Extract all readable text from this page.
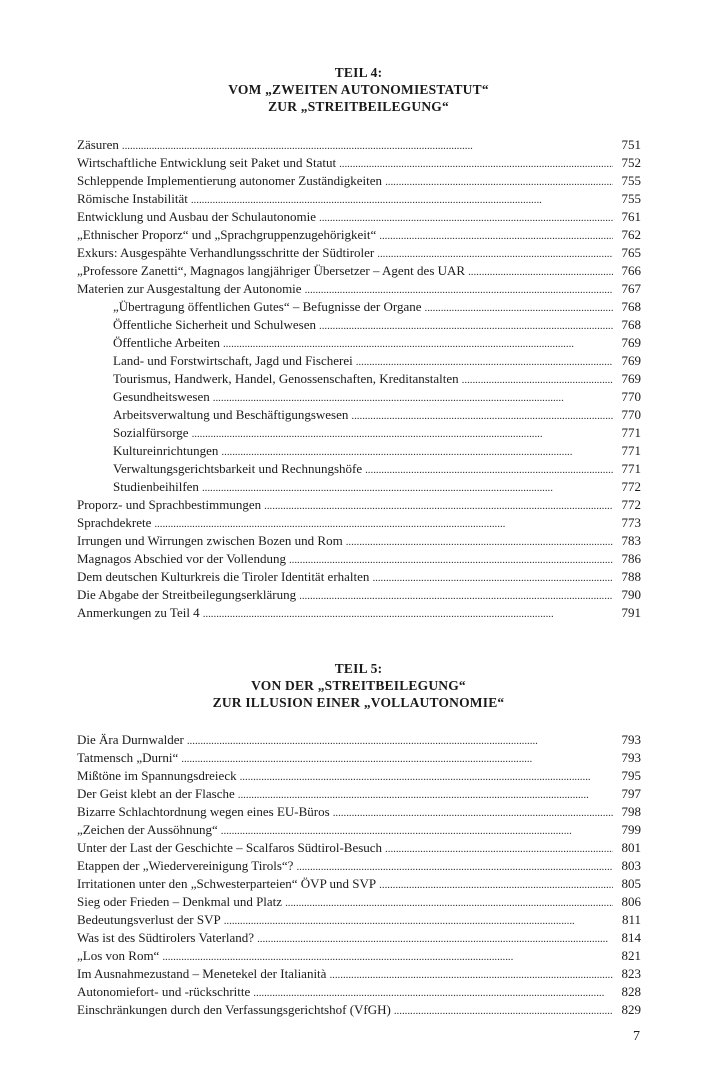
TEIL 4:
VOM „ZWEITEN AUTONOMIESTATUT“
ZUR „STREITBEILEGUNG“
Zäsuren . . .	751
Wirtschaftliche Entwicklung seit Paket und Statut . . .	752
Schleppende Implementierung autonomer Zuständigkeiten . . .	755
Römische Instabilität . . .	755
Entwicklung und Ausbau der Schulautonomie . . .	761
„Ethnischer Proporz“ und „Sprachgruppenzugehörigkeit“ . . .	762
Exkurs: Ausgespähte Verhandlungsschritte der Südtiroler . . .	765
„Professore Zanetti“, Magnagos langjähriger Übersetzer – Agent des UAR . . .	766
Materien zur Ausgestaltung der Autonomie . . .	767
„Übertragung öffentlichen Gutes“ – Befugnisse der Organe . . .	768
Öffentliche Sicherheit und Schulwesen . . .	768
Öffentliche Arbeiten . . .	769
Land- und Forstwirtschaft, Jagd und Fischerei . . .	769
Tourismus, Handwerk, Handel, Genossenschaften, Kreditanstalten . . .	769
Gesundheitswesen . . .	770
Arbeitsverwaltung und Beschäftigungswesen . . .	770
Sozialfürsorge . . .	771
Kultureinrichtungen . . .	771
Verwaltungsgerichtsbarkeit und Rechnungshöfe . . .	771
Studienbeihilfen . . .	772
Proporz- und Sprachbestimmungen . . .	772
Sprachdekrete . . .	773
Irrungen und Wirrungen zwischen Bozen und Rom . . .	783
Magnagos Abschied vor der Vollendung . . .	786
Dem deutschen Kulturkreis die Tiroler Identität erhalten . . .	788
Die Abgabe der Streitbeilegungserklärung . . .	790
Anmerkungen zu Teil 4 . . .	791
TEIL 5:
VON DER „STREITBEILEGUNG“
ZUR ILLUSION EINER „VOLLAUTONOMIE“
Die Ära Durnwalder . . .	793
Tatmensch „Durni“ . . .	793
Mißtöne im Spannungsdreieck . . .	795
Der Geist klebt an der Flasche . . .	797
Bizarre Schlachtordnung wegen eines EU-Büros . . .	798
„Zeichen der Aussöhnung“ . . .	799
Unter der Last der Geschichte – Scalfaros Südtirol-Besuch . . .	801
Etappen der „Wiedervereinigung Tirols“? . . .	803
Irritationen unter den „Schwesterparteien“ ÖVP und SVP . . .	805
Sieg oder Frieden – Denkmal und Platz . . .	806
Bedeutungsverlust der SVP . . .	811
Was ist des Südtirolers Vaterland? . . .	814
„Los von Rom“ . . .	821
Im Ausnahmezustand – Menetekel der Italianità . . .	823
Autonomiefort- und -rückschritte . . .	828
Einschränkungen durch den Verfassungsgerichtshof (VfGH) . . .	829
7
